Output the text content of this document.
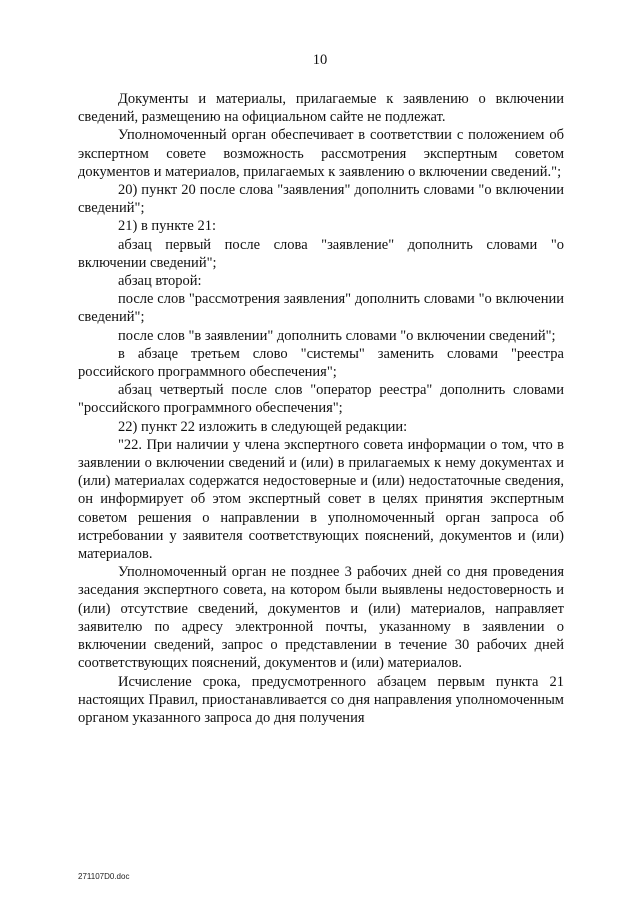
10

Документы и материалы, прилагаемые к заявлению о включении сведений, размещению на официальном сайте не подлежат.

Уполномоченный орган обеспечивает в соответствии с положением об экспертном совете возможность рассмотрения экспертным советом документов и материалов, прилагаемых к заявлению о включении сведений.";

20) пункт 20 после слова "заявления" дополнить словами "о включении сведений";

21) в пункте 21:

абзац первый после слова "заявление" дополнить словами "о включении сведений";

абзац второй:

после слов "рассмотрения заявления" дополнить словами "о включении сведений";

после слов "в заявлении" дополнить словами "о включении сведений";

в абзаце третьем слово "системы" заменить словами "реестра российского программного обеспечения";

абзац четвертый после слов "оператор реестра" дополнить словами "российского программного обеспечения";

22) пункт 22 изложить в следующей редакции:

"22. При наличии у члена экспертного совета информации о том, что в заявлении о включении сведений и (или) в прилагаемых к нему документах и (или) материалах содержатся недостоверные и (или) недостаточные сведения, он информирует об этом экспертный совет в целях принятия экспертным советом решения о направлении в уполномоченный орган запроса об истребовании у заявителя соответствующих пояснений, документов и (или) материалов.

Уполномоченный орган не позднее 3 рабочих дней со дня проведения заседания экспертного совета, на котором были выявлены недостоверность и (или) отсутствие сведений, документов и (или) материалов, направляет заявителю по адресу электронной почты, указанному в заявлении о включении сведений, запрос о представлении в течение 30 рабочих дней соответствующих пояснений, документов и (или) материалов.

Исчисление срока, предусмотренного абзацем первым пункта 21 настоящих Правил, приостанавливается со дня направления уполномоченным органом указанного запроса до дня получения

271107D0.doc
